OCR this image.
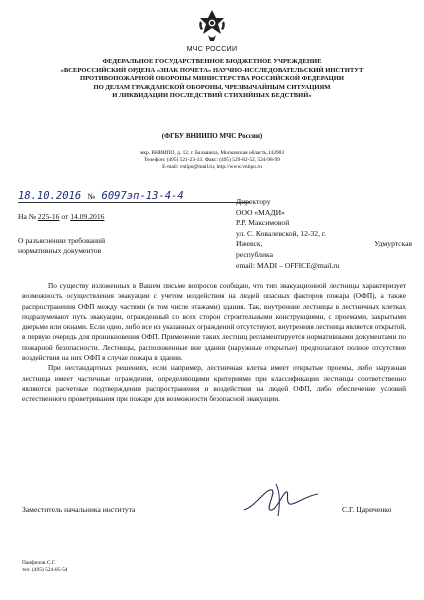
МЧС РОССИИ
ФЕДЕРАЛЬНОЕ ГОСУДАРСТВЕННОЕ БЮДЖЕТНОЕ УЧРЕЖДЕНИЕ
«ВСЕРОССИЙСКИЙ ОРДЕНА «ЗНАК ПОЧЕТА» НАУЧНО-ИССЛЕДОВАТЕЛЬСКИЙ ИНСТИТУТ
ПРОТИВОПОЖАРНОЙ ОБОРОНЫ МИНИСТЕРСТВА РОССИЙСКОЙ ФЕДЕРАЦИИ
ПО ДЕЛАМ ГРАЖДАНСКОЙ ОБОРОНЫ, ЧРЕЗВЫЧАЙНЫМ СИТУАЦИЯМ
И ЛИКВИДАЦИИ ПОСЛЕДСТВИЙ СТИХИЙНЫХ БЕДСТВИЙ»
(ФГБУ ВНИИПО МЧС России)
мкр. ВНИИПО, д. 12, г. Балашиха, Московская область,143903
Телефон: (495) 521-23-33. Факс: (495) 529-82-52, 524-98-99
E-mail: vniipo@mail.ru; http://www.vniipo.ru
18.10.2016 № 6097эп-13-4-4
На № 225-16 от 14.09.2016
О разъяснении требований
нормативных документов
Директору
ООО «МАДИ»
Р.Р. Максимовой
ул. С. Ковалевской, 12-32, г.
Ижевск,	Удмуртская
республика
email: MADI – OFFICE@mail.ru

По существу изложенных в Вашем письме вопросов сообщаю, что тип эвакуационной лестницы характеризует возможность осуществления эвакуации с учетом воздействия на людей опасных факторов пожара (ОФП), а также распространения ОФП между частями (в том числе этажами) здания. Так, внутренние лестницы в лестничных клетках подразумевают путь эвакуации, огражденный со всех сторон строительными конструкциями, с проемами, закрытыми дверьми или окнами. Если одно, либо все из указанных ограждений отсутствуют, внутренняя лестница является открытой, в первую очередь для проникновения ОФП. Применение таких лестниц регламентируется нормативными документами по пожарной безопасности. Лестницы, расположенные вне здания (наружные открытые) предполагают полное отсутствие воздействия на них ОФП в случае пожара в здании.

При нестандартных решениях, если например, лестничная клетка имеет открытые проемы, либо наружная лестница имеет частичные ограждения, определяющими критериями при классификации лестницы соответственно являются расчетные подтверждения распространения и воздействия на людей ОФП, либо обеспечение условий естественного проветривания при пожаре для возможности безопасной эвакуации.

Заместитель начальника института	С.Г. Цариченко
Панфилов С.Г.
тел. (495) 524-85-54
